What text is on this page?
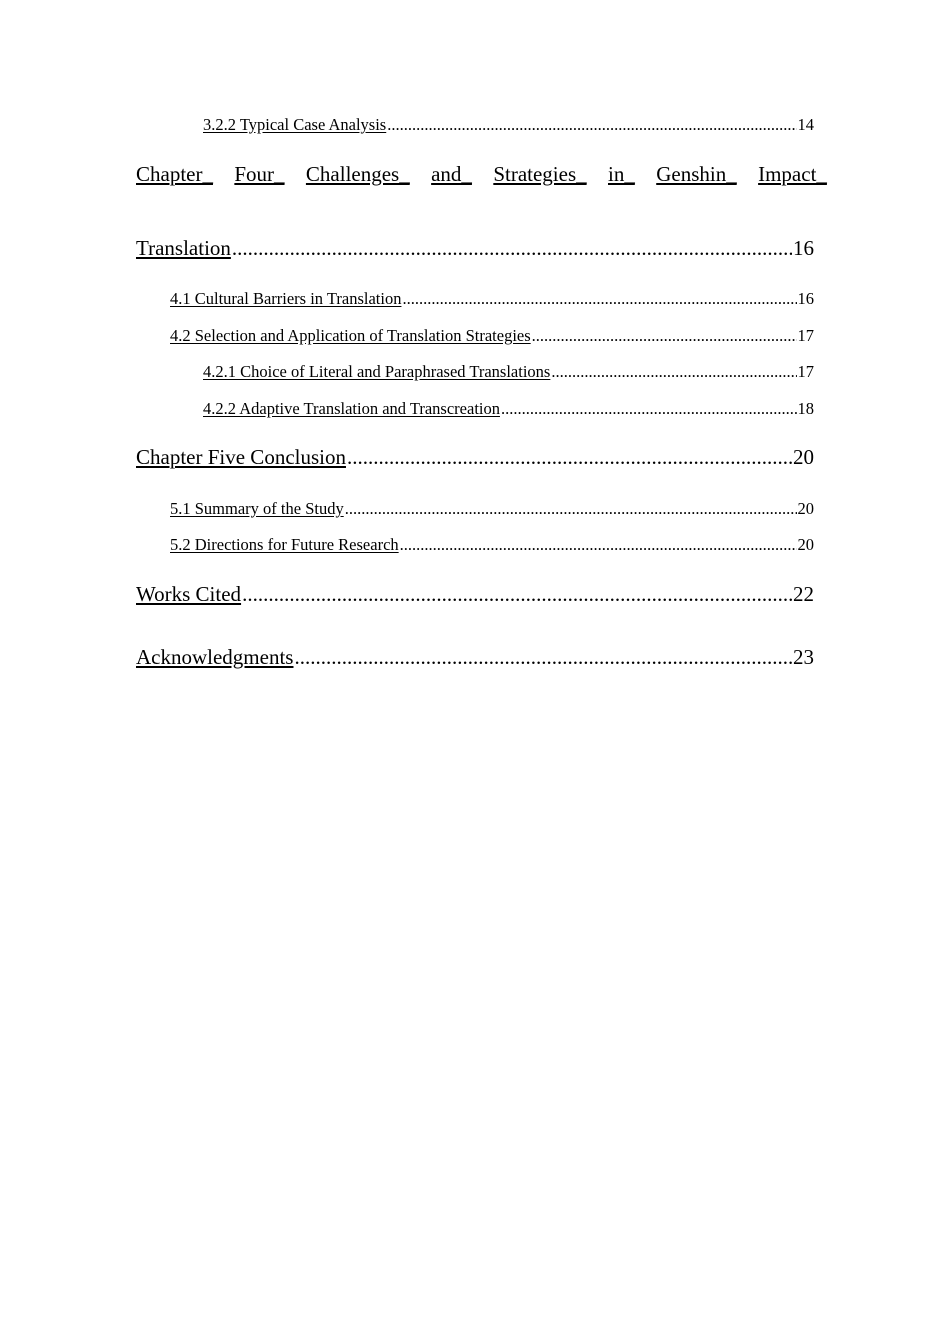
3.2.2 Typical Case Analysis .....	14
Chapter_ Four_ Challenges_ and_ Strategies_ in_ Genshin_ Impact_
Translation .....	16
4.1 Cultural Barriers in Translation .....	16
4.2 Selection and Application of Translation Strategies .....	17
4.2.1 Choice of Literal and Paraphrased Translations .....	17
4.2.2 Adaptive Translation and Transcreation .....	18
Chapter Five Conclusion .....	20
5.1 Summary of the Study .....	20
5.2 Directions for Future Research .....	20
Works Cited .....	22
Acknowledgments .....	23
